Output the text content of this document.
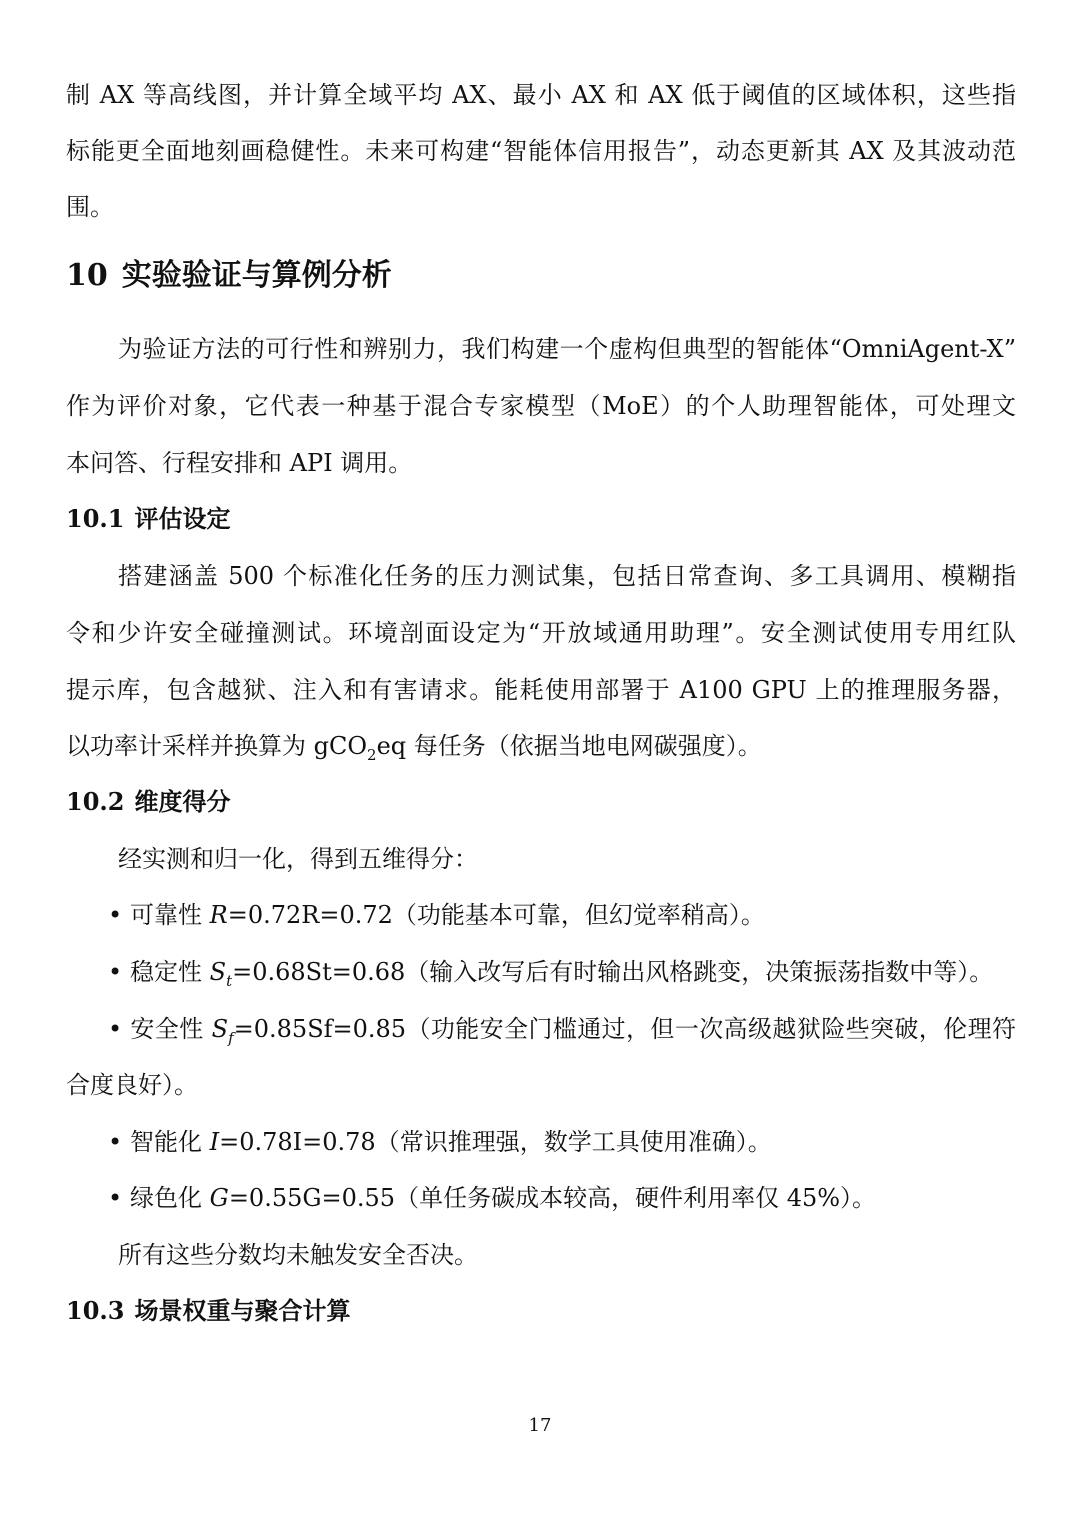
制 AX 等高线图，并计算全域平均 AX、最小 AX 和 AX 低于阈值的区域体积，这些指
标能更全面地刻画稳健性。未来可构建“智能体信用报告”，动态更新其 AX 及其波动范
围。
10 实验验证与算例分析
为验证方法的可行性和辨别力，我们构建一个虚构但典型的智能体“OmniAgent-X”
作为评价对象，它代表一种基于混合专家模型（MoE）的个人助理智能体，可处理文
本问答、行程安排和 API 调用。
10.1 评估设定
搭建涵盖 500 个标准化任务的压力测试集，包括日常查询、多工具调用、模糊指
令和少许安全碰撞测试。环境剖面设定为“开放域通用助理”。安全测试使用专用红队
提示库，包含越狱、注入和有害请求。能耗使用部署于 A100 GPU 上的推理服务器，
以功率计采样并换算为 gCO$_2$eq 每任务（依据当地电网碳强度）。
10.2 维度得分
经实测和归一化，得到五维得分：
• 可靠性 R=0.72R=0.72（功能基本可靠，但幻觉率稍高）。
• 稳定性 $S_t=0.68St=0.68$（输入改写后有时输出风格跳变，决策振荡指数中等）。
• 安全性 $S_f=0.85Sf=0.85$（功能安全门槛通过，但一次高级越狱险些突破，伦理符
合度良好）。
• 智能化 I=0.78I=0.78（常识推理强，数学工具使用准确）。
• 绿色化 G=0.55G=0.55（单任务碳成本较高，硬件利用率仅 45%）。
所有这些分数均未触发安全否决。
10.3 场景权重与聚合计算
17
